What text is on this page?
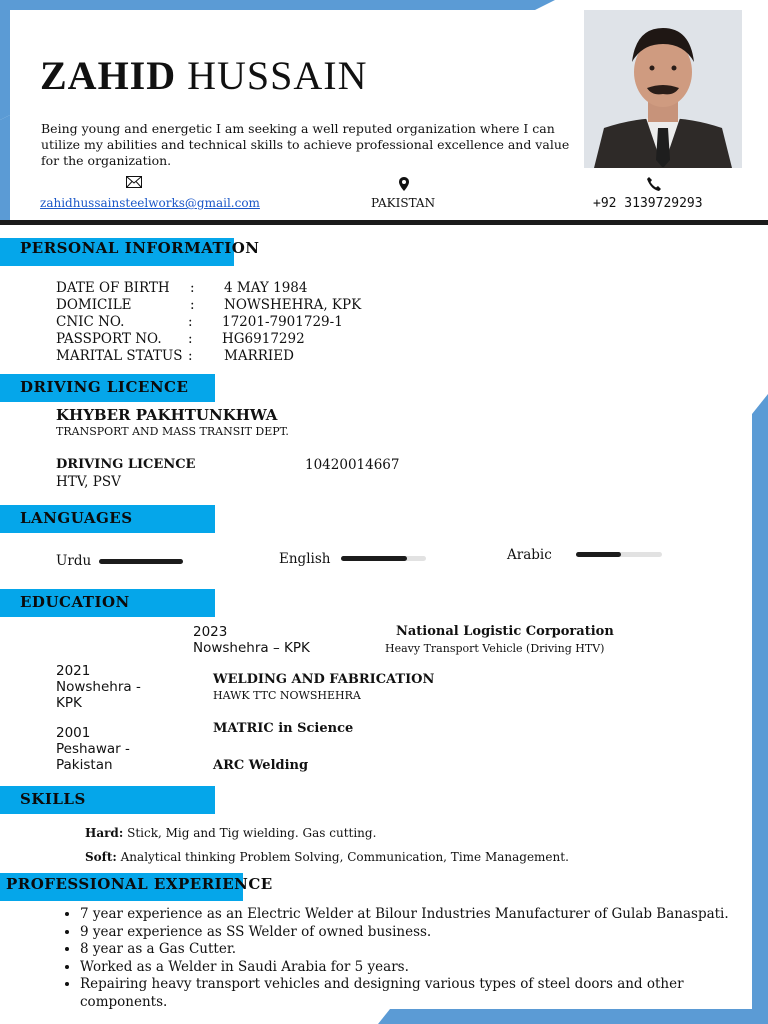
ZAHID HUSSAIN
Being young and energetic I am seeking a well reputed organization where I can utilize my abilities and technical skills to achieve professional excellence and value for the organization.
zahidhussainsteelworks@gmail.com	PAKISTAN	+92 3139729293
PERSONAL INFORMATION
DATE OF BIRTH : 4 MAY 1984
DOMICILE	: NOWSHEHRA, KPK
CNIC NO.	: 17201-7901729-1
PASSPORT NO. : HG6917292
MARITAL STATUS : MARRIED
DRIVING LICENCE
KHYBER PAKHTUNKHWA
TRANSPORT AND MASS TRANSIT DEPT.
DRIVING LICENCE	10420014667
HTV, PSV
LANGUAGES
Urdu	English	Arabic
EDUCATION
2023
Nowshehra – KPK
National Logistic Corporation
Heavy Transport Vehicle (Driving HTV)
2021
Nowshehra -
KPK
WELDING AND FABRICATION
HAWK TTC NOWSHEHRA
2001
Peshawar -
Pakistan
MATRIC in Science
ARC Welding
SKILLS
Hard: Stick, Mig and Tig wielding. Gas cutting.
Soft: Analytical thinking Problem Solving, Communication, Time Management.
PROFESSIONAL EXPERIENCE
• 7 year experience as an Electric Welder at Bilour Industries Manufacturer of Gulab Banaspati.
• 9 year experience as SS Welder of owned business.
• 8 year as a Gas Cutter.
• Worked as a Welder in Saudi Arabia for 5 years.
• Repairing heavy transport vehicles and designing various types of steel doors and other components.
